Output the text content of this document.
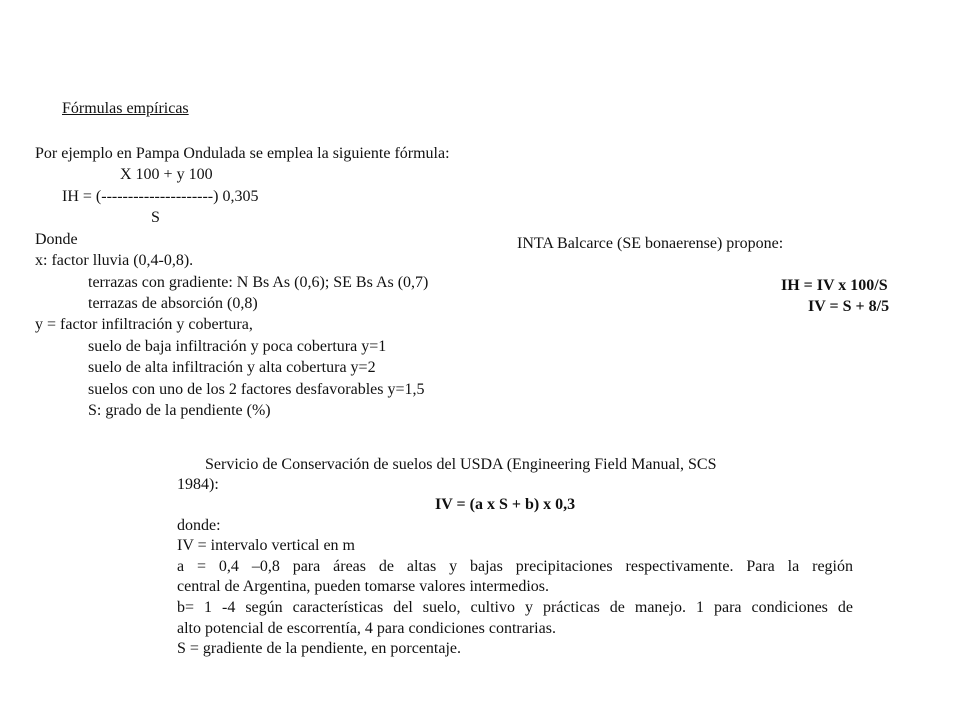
Fórmulas empíricas
Por ejemplo en Pampa Ondulada se emplea la siguiente fórmula:
X 100 + y 100
IH = (---------------------) 0,305
S
Donde
x: factor lluvia (0,4-0,8).
terrazas con gradiente: N Bs As (0,6); SE Bs As (0,7)
terrazas de absorción (0,8)
y = factor infiltración y cobertura,
suelo de baja infiltración y poca cobertura y=1
suelo de alta infiltración y alta cobertura y=2
suelos con uno de los 2 factores desfavorables y=1,5
S: grado de la pendiente (%)
INTA Balcarce (SE bonaerense) propone:
IH = IV x 100/S
IV = S + 8/5
Servicio de Conservación de suelos del USDA (Engineering Field Manual, SCS
1984):
IV = (a x S + b) x 0,3
donde:
IV = intervalo vertical en m
a = 0,4 –0,8 para áreas de altas y bajas precipitaciones respectivamente. Para la región
central de Argentina, pueden tomarse valores intermedios.
b= 1 -4 según características del suelo, cultivo y prácticas de manejo. 1 para condiciones de
alto potencial de escorrentía, 4 para condiciones contrarias.
S = gradiente de la pendiente, en porcentaje.
